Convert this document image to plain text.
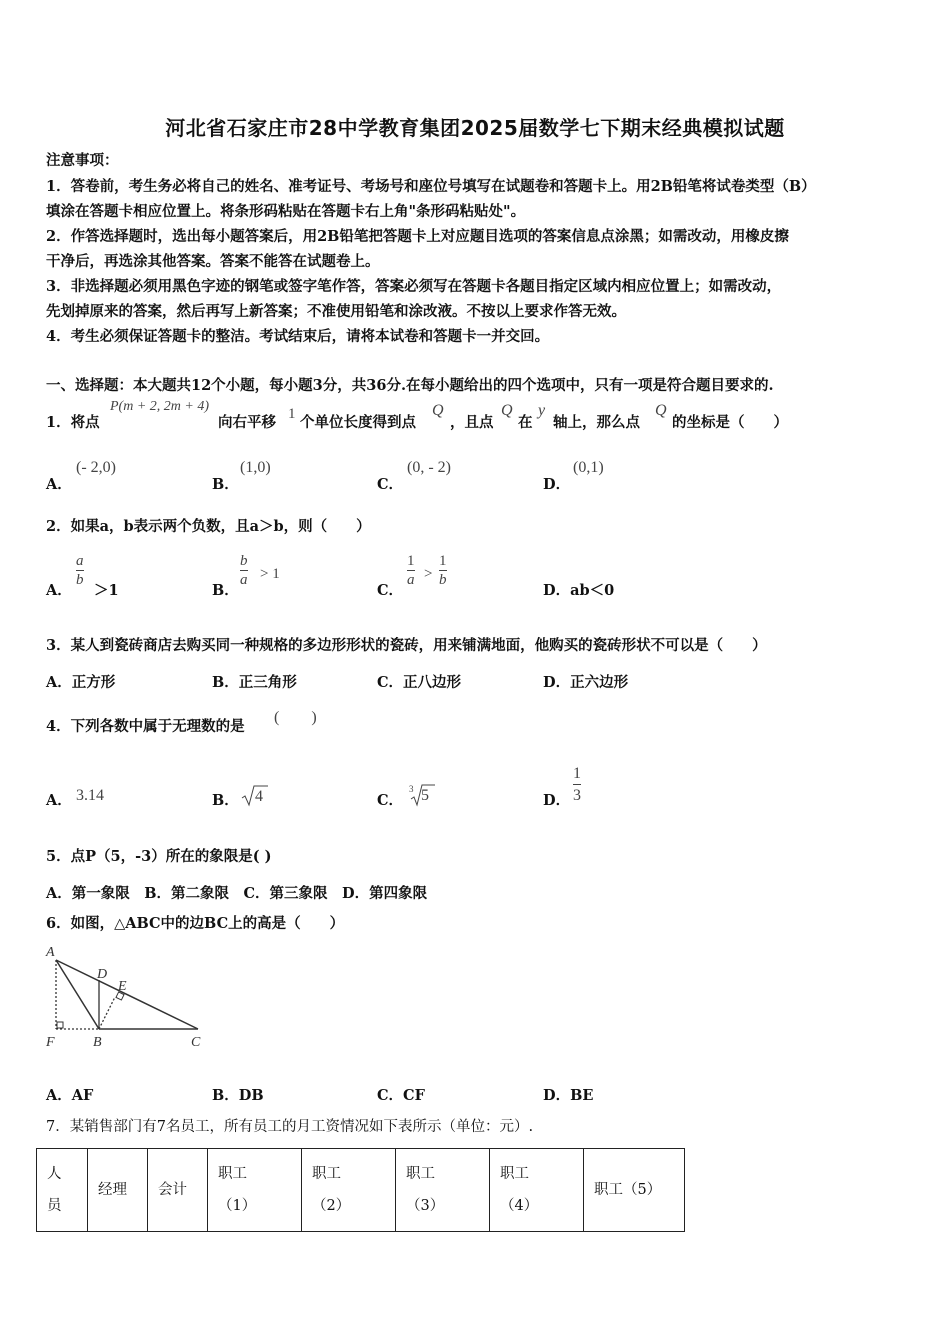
河北省石家庄市28中学教育集团2025届数学七下期末经典模拟试题
注意事项：
1．答卷前，考生务必将自己的姓名、准考证号、考场号和座位号填写在试题卷和答题卡上。用2B铅笔将试卷类型（B）
填涂在答题卡相应位置上。将条形码粘贴在答题卡右上角"条形码粘贴处"。
2．作答选择题时，选出每小题答案后，用2B铅笔把答题卡上对应题目选项的答案信息点涂黑；如需改动，用橡皮擦
干净后，再选涂其他答案。答案不能答在试题卷上。
3．非选择题必须用黑色字迹的钢笔或签字笔作答，答案必须写在答题卡各题目指定区域内相应位置上；如需改动，
先划掉原来的答案，然后再写上新答案；不准使用铅笔和涂改液。不按以上要求作答无效。
4．考生必须保证答题卡的整洁。考试结束后，请将本试卷和答题卡一并交回。
一、选择题：本大题共12个小题，每小题3分，共36分.在每小题给出的四个选项中，只有一项是符合题目要求的.
1．将点
P(m + 2, 2m + 4)
向右平移 1 个单位长度得到点
Q
，且点
Q
在
y
轴上，那么点
Q
的坐标是（　　）
A．
(- 2,0)
B．
(1,0)
C．
(0, - 2)
D．
(0,1)
2．如果a，b表示两个负数，且a＞b，则（　　）
A．
$\frac{a}{b}$
＞1	B．
$\frac{b}{a} > 1$
C．
$\frac{1}{a} > \frac{1}{b}$
D．ab＜0
3．某人到瓷砖商店去购买同一种规格的多边形形状的瓷砖，用来铺满地面，他购买的瓷砖形状不可以是（　　）
A．正方形	B．正三角形	C．正八边形	D．正六边形
4．下列各数中属于无理数的是
(　　)
A． 3.14	B． 4	C．
3 5	D． $\frac{1}{3}$
5．点P（5，-3）所在的象限是( )
A．第一象限　B．第二象限　C．第三象限　D．第四象限
6．如图，△ABC中的边BC上的高是（　　）
A
D
E
F	B	C
A．AF	B．DB	C．CF	D．BE
7．某销售部门有7名员工，所有员工的月工资情况如下表所示（单位：元）.
人
员	经理	会计	职工
（1）	职工
（2）	职工
（3）	职工
（4）	职工（5）
